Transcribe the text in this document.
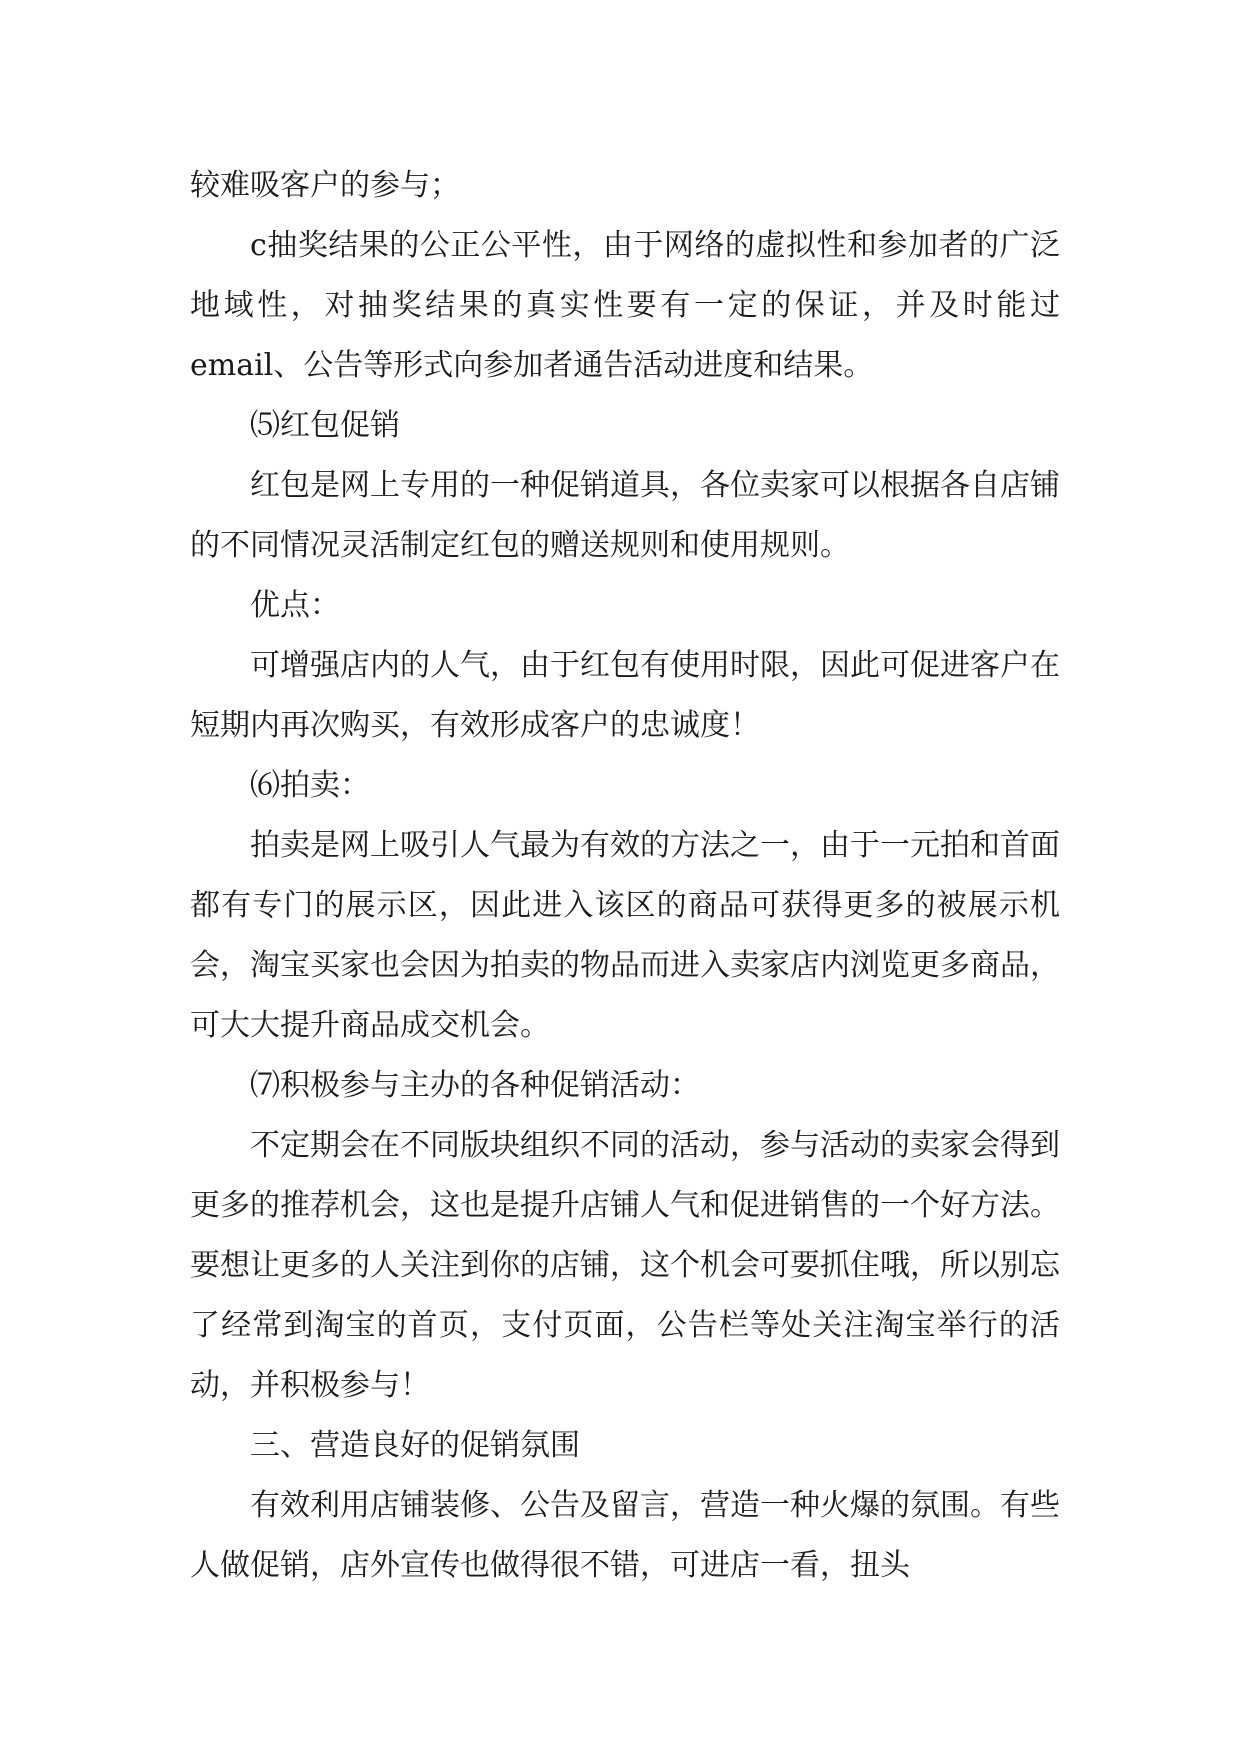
较难吸客户的参与；

c抽奖结果的公正公平性，由于网络的虚拟性和参加者的广泛地域性，对抽奖结果的真实性要有一定的保证，并及时能过email、公告等形式向参加者通告活动进度和结果。

⑸红包促销

红包是网上专用的一种促销道具，各位卖家可以根据各自店铺的不同情况灵活制定红包的赠送规则和使用规则。

优点：

可增强店内的人气，由于红包有使用时限，因此可促进客户在短期内再次购买，有效形成客户的忠诚度！

⑹拍卖：

拍卖是网上吸引人气最为有效的方法之一，由于一元拍和首面都有专门的展示区，因此进入该区的商品可获得更多的被展示机会，淘宝买家也会因为拍卖的物品而进入卖家店内浏览更多商品，可大大提升商品成交机会。

⑺积极参与主办的各种促销活动：

不定期会在不同版块组织不同的活动，参与活动的卖家会得到更多的推荐机会，这也是提升店铺人气和促进销售的一个好方法。要想让更多的人关注到你的店铺，这个机会可要抓住哦，所以别忘了经常到淘宝的首页，支付页面，公告栏等处关注淘宝举行的活动，并积极参与！

三、营造良好的促销氛围

有效利用店铺装修、公告及留言，营造一种火爆的氛围。有些人做促销，店外宣传也做得很不错，可进店一看，扭头
